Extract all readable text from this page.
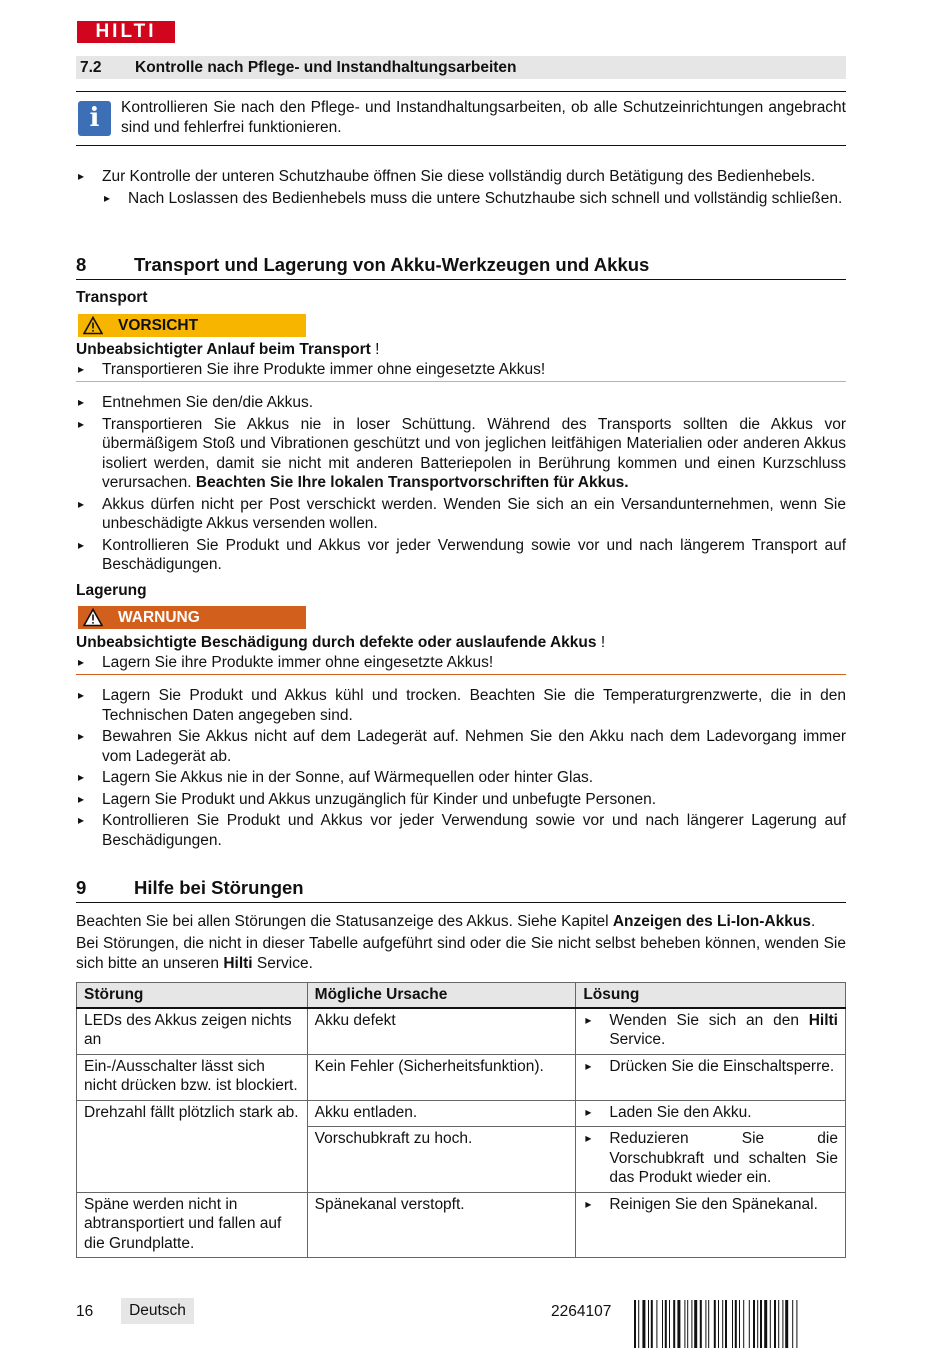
HILTI
7.2 Kontrolle nach Pflege- und Instandhaltungsarbeiten
i	Kontrollieren Sie nach den Pflege- und Instandhaltungsarbeiten, ob alle Schutzeinrichtungen angebracht sind und fehlerfrei funktionieren.
▸ Zur Kontrolle der unteren Schutzhaube öffnen Sie diese vollständig durch Betätigung des Bedienhebels.
▸ Nach Loslassen des Bedienhebels muss die untere Schutzhaube sich schnell und vollständig schließen.
8	Transport und Lagerung von Akku-Werkzeugen und Akkus
Transport
VORSICHT
Unbeabsichtigter Anlauf beim Transport !
▸ Transportieren Sie ihre Produkte immer ohne eingesetzte Akkus!
▸ Entnehmen Sie den/die Akkus.
▸ Transportieren Sie Akkus nie in loser Schüttung. Während des Transports sollten die Akkus vor übermäßigem Stoß und Vibrationen geschützt und von jeglichen leitfähigen Materialien oder anderen Akkus isoliert werden, damit sie nicht mit anderen Batteriepolen in Berührung kommen und einen Kurzschluss verursachen. Beachten Sie Ihre lokalen Transportvorschriften für Akkus.
▸ Akkus dürfen nicht per Post verschickt werden. Wenden Sie sich an ein Versandunternehmen, wenn Sie unbeschädigte Akkus versenden wollen.
▸ Kontrollieren Sie Produkt und Akkus vor jeder Verwendung sowie vor und nach längerem Transport auf Beschädigungen.
Lagerung
WARNUNG
Unbeabsichtigte Beschädigung durch defekte oder auslaufende Akkus !
▸ Lagern Sie ihre Produkte immer ohne eingesetzte Akkus!
▸ Lagern Sie Produkt und Akkus kühl und trocken. Beachten Sie die Temperaturgrenzwerte, die in den Technischen Daten angegeben sind.
▸ Bewahren Sie Akkus nicht auf dem Ladegerät auf. Nehmen Sie den Akku nach dem Ladevorgang immer vom Ladegerät ab.
▸ Lagern Sie Akkus nie in der Sonne, auf Wärmequellen oder hinter Glas.
▸ Lagern Sie Produkt und Akkus unzugänglich für Kinder und unbefugte Personen.
▸ Kontrollieren Sie Produkt und Akkus vor jeder Verwendung sowie vor und nach längerer Lagerung auf Beschädigungen.
9	Hilfe bei Störungen
Beachten Sie bei allen Störungen die Statusanzeige des Akkus. Siehe Kapitel Anzeigen des Li-Ion-Akkus.
Bei Störungen, die nicht in dieser Tabelle aufgeführt sind oder die Sie nicht selbst beheben können, wenden Sie sich bitte an unseren Hilti Service.
Störung	Mögliche Ursache	Lösung
LEDs des Akkus zeigen nichts an	Akku defekt	▸ Wenden Sie sich an den Hilti Service.

Ein-/Ausschalter lässt sich nicht drücken bzw. ist blockiert.	Kein Fehler (Sicherheitsfunktion).	▸ Drücken Sie die Einschaltsperre.

Drehzahl fällt plötzlich stark ab.	Akku entladen.	▸ Laden Sie den Akku.

	Vorschubkraft zu hoch.	▸ Reduzieren Sie die Vorschubkraft und schalten Sie das Produkt wieder ein.

Späne werden nicht in abtransportiert und fallen auf die Grundplatte.	Spänekanal verstopft.	▸ Reinigen Sie den Spänekanal.
16	Deutsch	2264107
